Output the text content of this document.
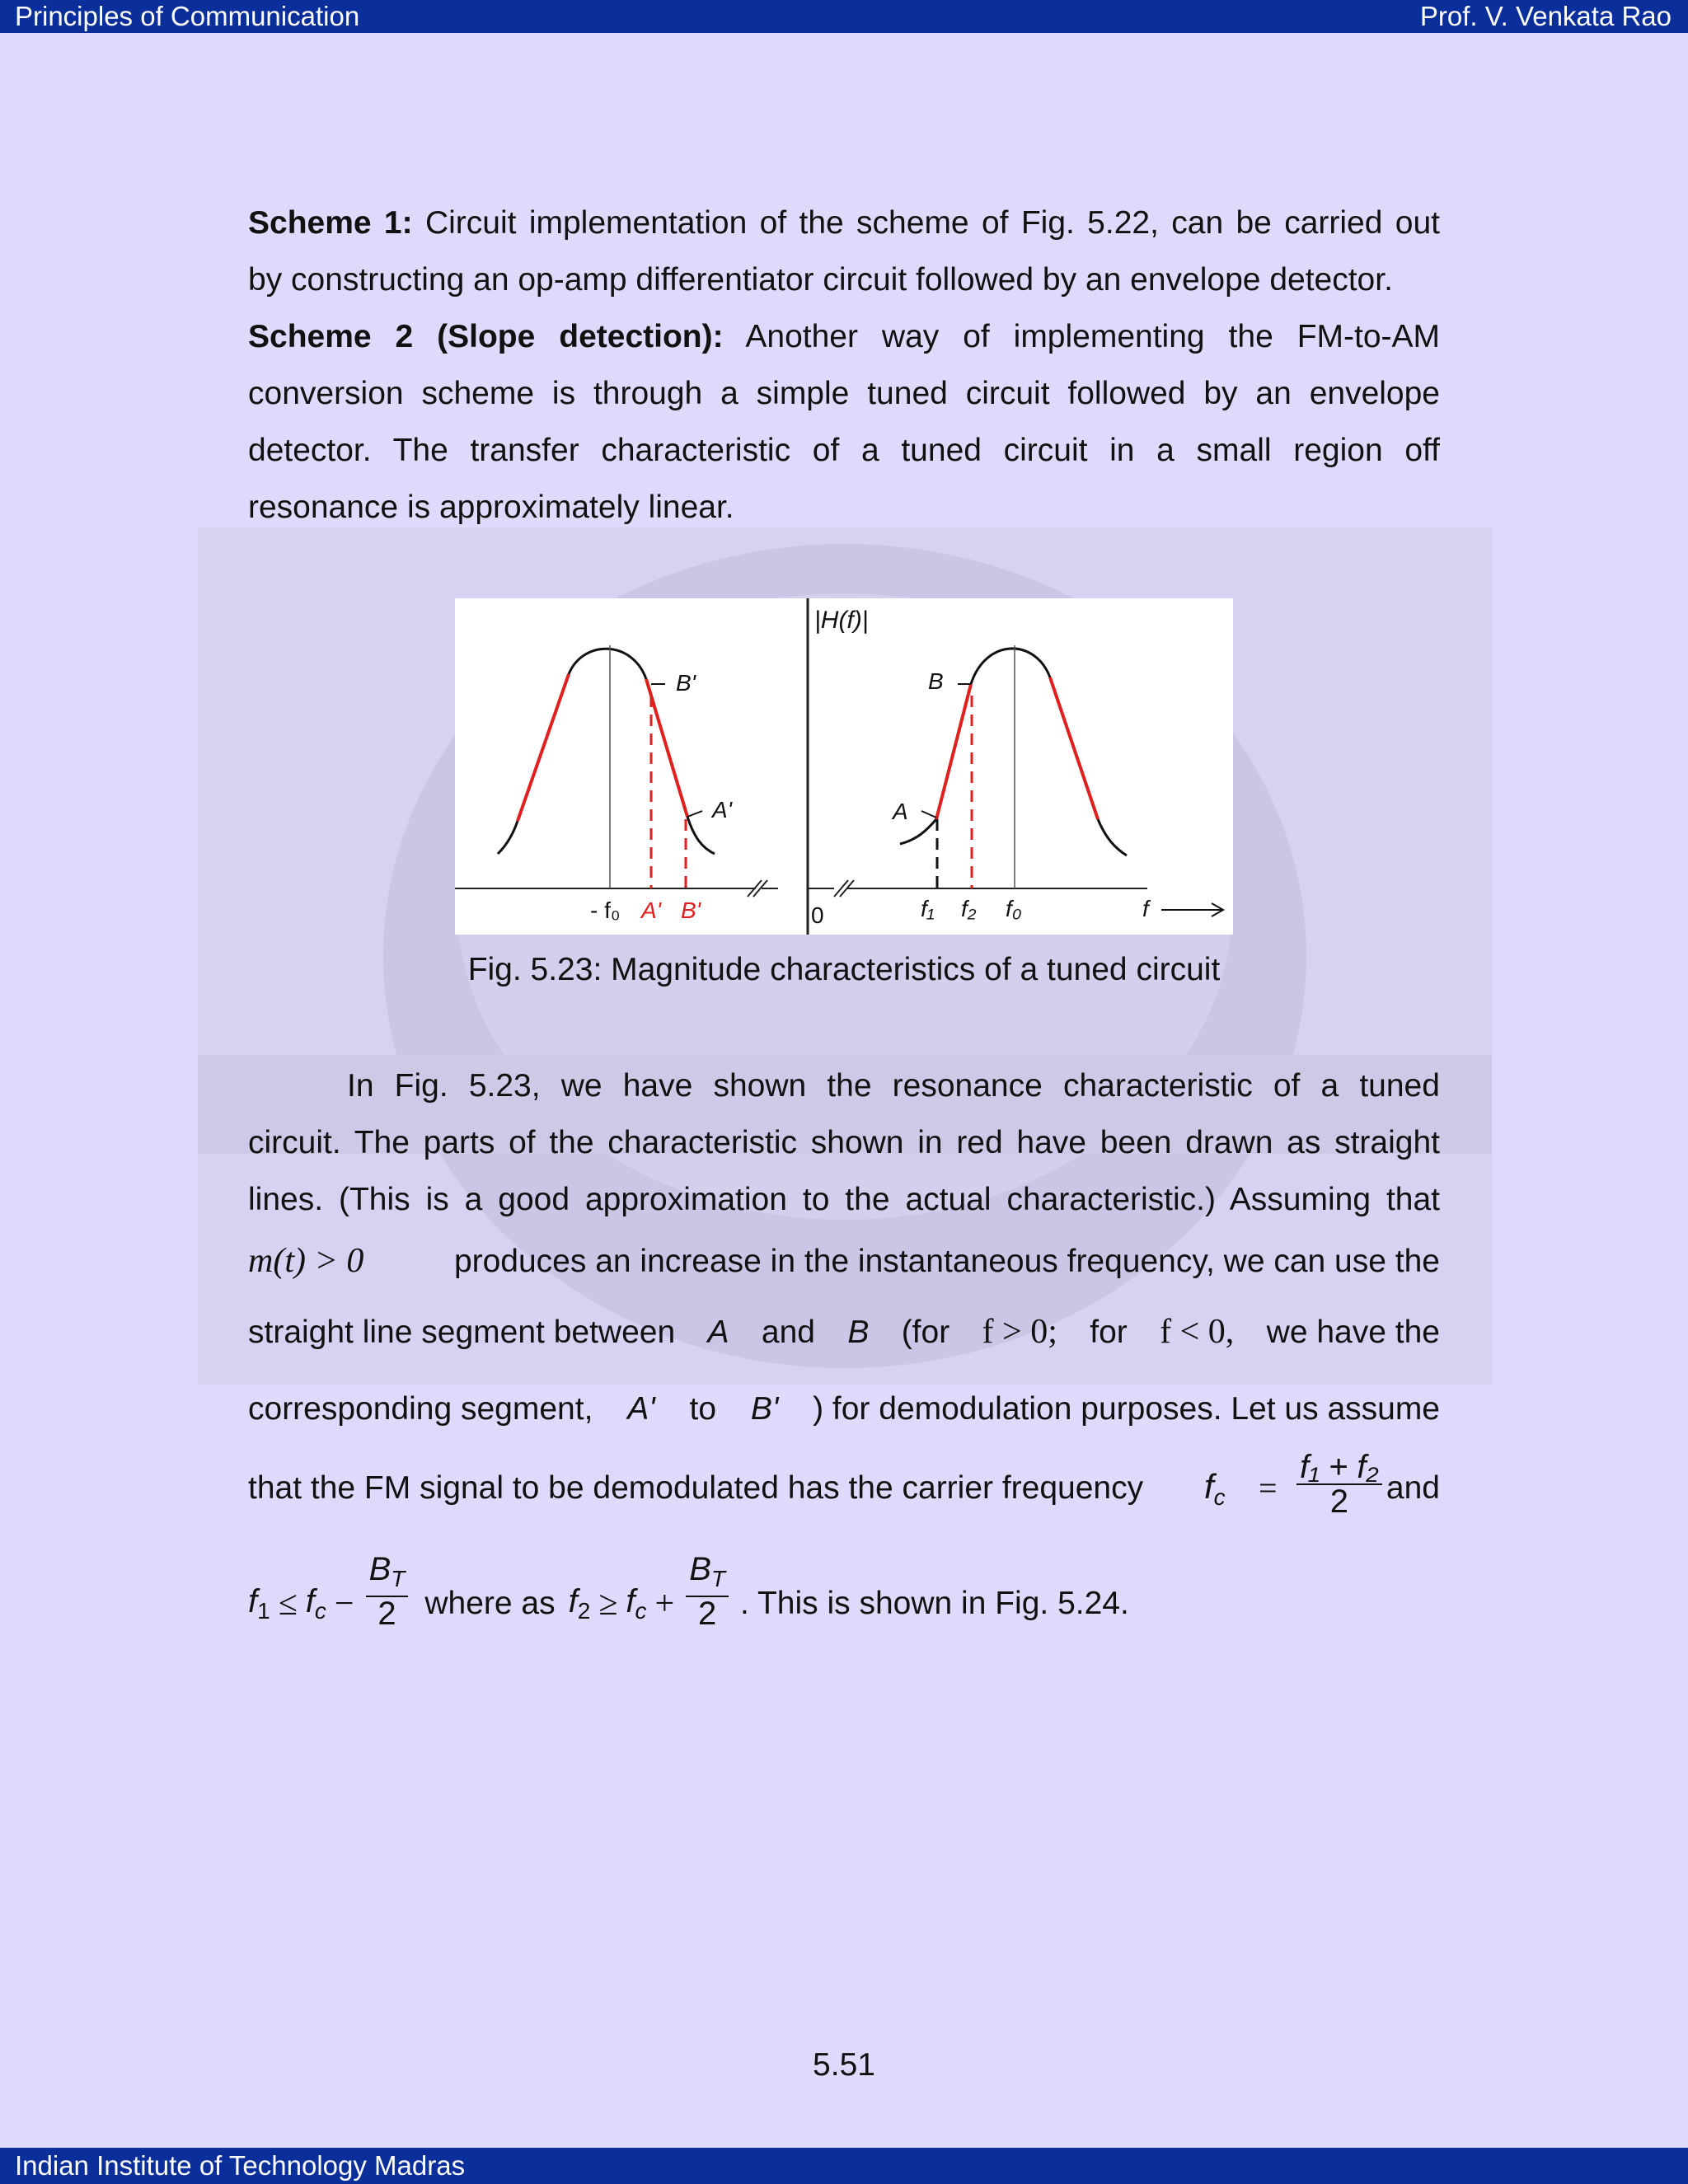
Principles of Communication	Prof. V. Venkata Rao
Scheme 1: Circuit implementation of the scheme of Fig. 5.22, can be carried out
by constructing an op-amp differentiator circuit followed by an envelope detector.
Scheme 2 (Slope detection): Another way of implementing the FM-to-AM
conversion scheme is through a simple tuned circuit followed by an envelope
detector. The transfer characteristic of a tuned circuit in a small region off
resonance is approximately linear.
|H(f)|
0
- f₀ A' B'	f₁ f₂ f₀	f
B
A
B'
A'
Fig. 5.23: Magnitude characteristics of a tuned circuit
In Fig. 5.23, we have shown the resonance characteristic of a tuned
circuit. The parts of the characteristic shown in red have been drawn as straight
lines. (This is a good approximation to the actual characteristic.) Assuming that
m(t) > 0	produces an increase in the instantaneous frequency, we can use the
straight line segment between A and B (for f > 0; for f < 0, we have the
corresponding segment, A' to B' ) for demodulation purposes. Let us assume
that the FM signal to be demodulated has the carrier frequency $f_c = \frac{\text{f₁ + f₂}}{2}$ and
$f_1 \le f_c - \frac{B_T}{2}$ where as $f_2 \ge f_c + \frac{B_T}{2}$ . This is shown in Fig. 5.24.
5.51
Indian Institute of Technology Madras
